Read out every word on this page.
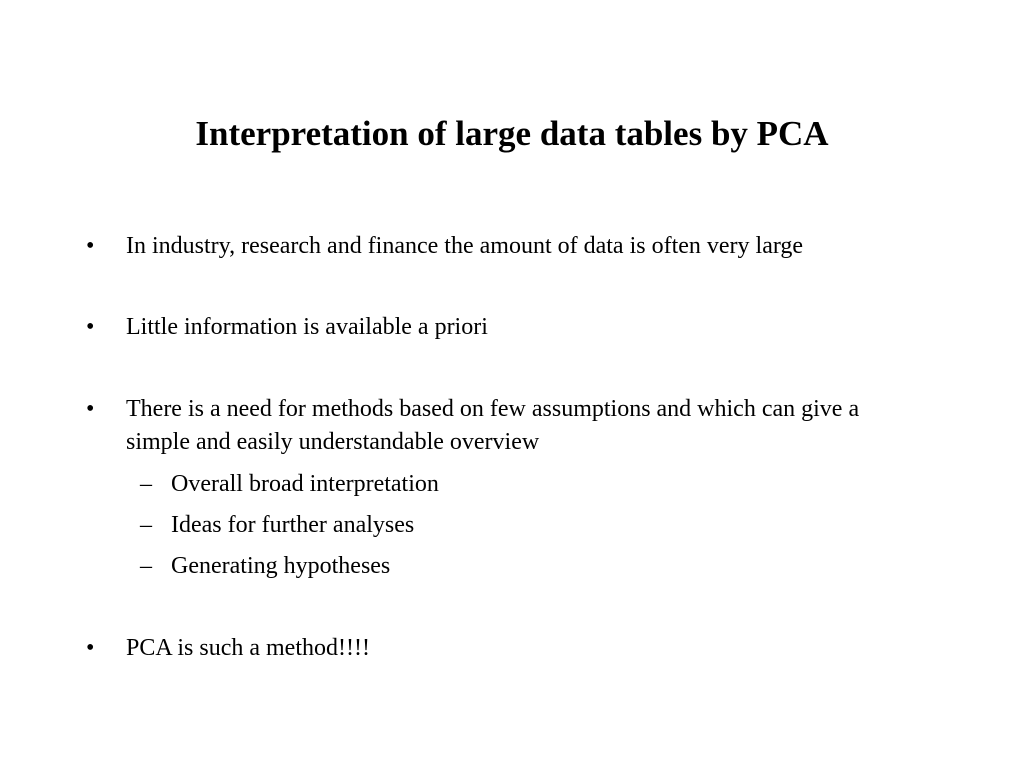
Interpretation of large data tables by PCA
•	In industry, research and finance the amount of data is often very large
•	Little information is available a priori
•	There is a need for methods based on few assumptions and which can give a simple and easily understandable overview
– Overall broad interpretation
– Ideas for further analyses
– Generating hypotheses
•	PCA is such a method!!!!
